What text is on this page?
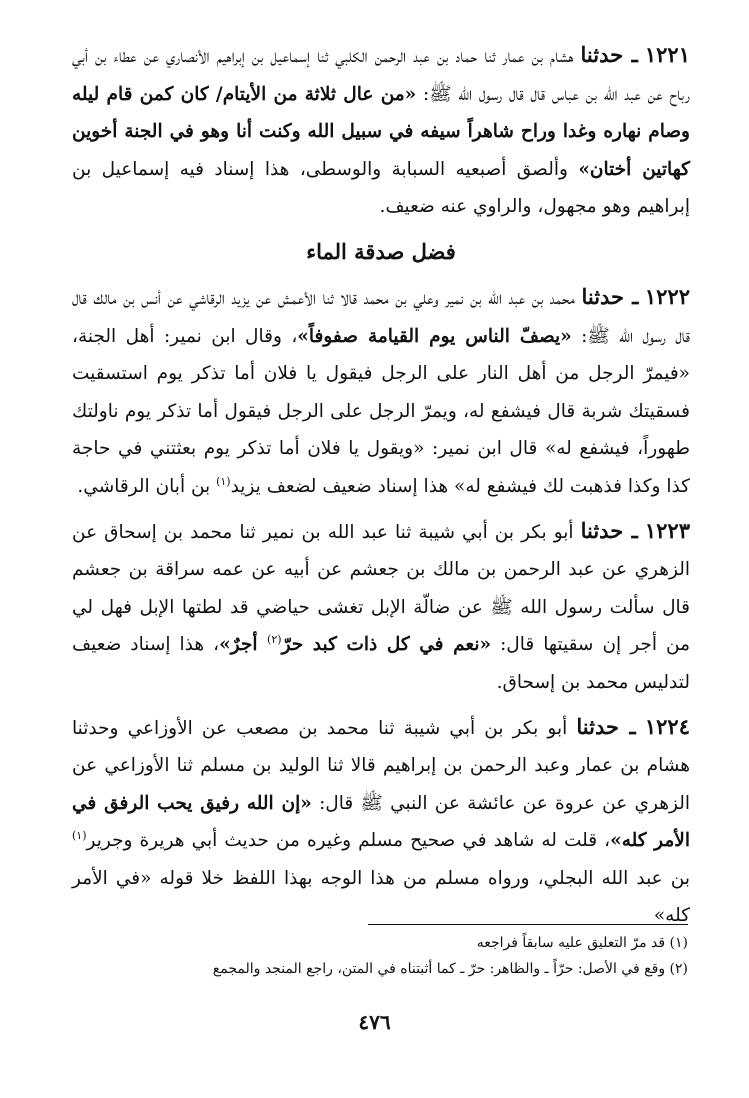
١٢٢١ ـ حدثنا هشام بن عمار ثنا حماد بن عبد الرحمن الكلبي ثنا إسماعيل بن إبراهيم الأنصاري عن عطاء بن أبي رباح عن عبد الله بن عباس قال قال رسول الله ﷺ: «من عال ثلاثة من الأيتام/ كان كمن قام ليله وصام نهاره وغدا وراح شاهراً سيفه في سبيل الله وكنت أنا وهو في الجنة أخوين كهاتين أختان» وألصق أصبعيه السبابة والوسطى، هذا إسناد فيه إسماعيل بن إبراهيم وهو مجهول، والراوي عنه ضعيف.

فضل صدقة الماء

١٢٢٢ ـ حدثنا محمد بن عبد الله بن نمير وعلي بن محمد قالا ثنا الأعمش عن يزيد الرقاشي عن أنس بن مالك قال قال رسول الله ﷺ: «يصفّ الناس يوم القيامة صفوفاً»، وقال ابن نمير: أهل الجنة، «فيمرّ الرجل من أهل النار على الرجل فيقول يا فلان أما تذكر يوم استسقيت فسقيتك شربة قال فيشفع له، ويمرّ الرجل على الرجل فيقول أما تذكر يوم ناولتك طهوراً، فيشفع له» قال ابن نمير: «ويقول يا فلان أما تذكر يوم بعثتني في حاجة كذا وكذا فذهبت لك فيشفع له» هذا إسناد ضعيف لضعف يزيد$^{(١)}$ بن أبان الرقاشي.

١٢٢٣ ـ حدثنا أبو بكر بن أبي شيبة ثنا عبد الله بن نمير ثنا محمد بن إسحاق عن الزهري عن عبد الرحمن بن مالك بن جعشم عن أبيه عن عمه سراقة بن جعشم قال سألت رسول الله ﷺ عن ضالّة الإبل تغشى حياضي قد لطتها الإبل فهل لي من أجر إن سقيتها قال: «نعم في كل ذات كبد حرّ$^{(٢)}$ أجرٌ»، هذا إسناد ضعيف لتدليس محمد بن إسحاق.

١٢٢٤ ـ حدثنا أبو بكر بن أبي شيبة ثنا محمد بن مصعب عن الأوزاعي وحدثنا هشام بن عمار وعبد الرحمن بن إبراهيم قالا ثنا الوليد بن مسلم ثنا الأوزاعي عن الزهري عن عروة عن عائشة عن النبي ﷺ قال: «إن الله رفيق يحب الرفق في الأمر كله»، قلت له شاهد في صحيح مسلم وغيره من حديث أبي هريرة وجرير$^{(١)}$ بن عبد الله البجلي، ورواه مسلم من هذا الوجه بهذا اللفظ خلا قوله «في الأمر كله»

(١) قد مرّ التعليق عليه سابقاً فراجعه
(٢) وقع في الأصل: حرّاً ـ والظاهر: حرّ ـ كما أثبتناه في المتن، راجع المنجد والمجمع
٤٧٦
